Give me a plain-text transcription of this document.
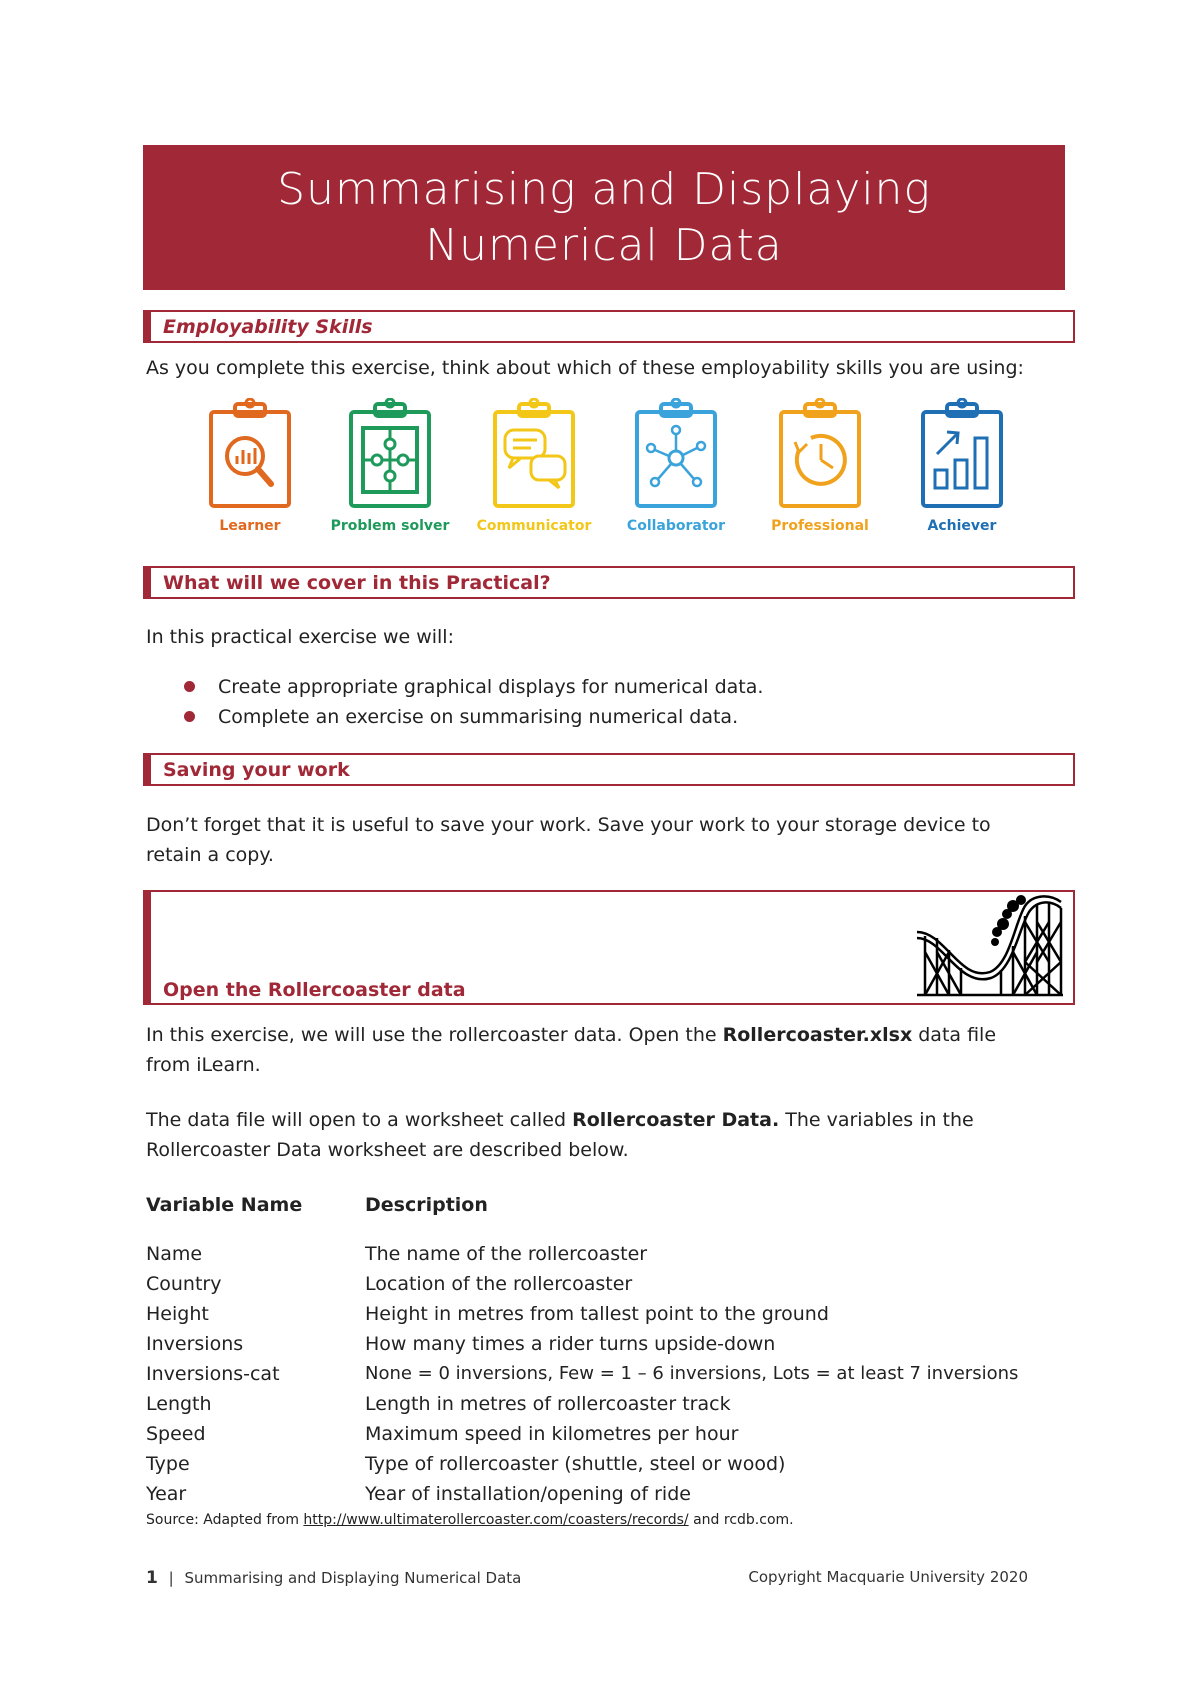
Summarising and Displaying
Numerical Data
Employability Skills
As you complete this exercise, think about which of these employability skills you are using:
Learner	Problem solver	Communicator	Collaborator	Professional	Achiever
What will we cover in this Practical?
In this practical exercise we will:
Create appropriate graphical displays for numerical data.
Complete an exercise on summarising numerical data.
Saving your work
Don’t forget that it is useful to save your work. Save your work to your storage device to retain a copy.
Open the Rollercoaster data
In this exercise, we will use the rollercoaster data. Open the Rollercoaster.xlsx data file from iLearn.
The data file will open to a worksheet called Rollercoaster Data. The variables in the Rollercoaster Data worksheet are described below.
Variable Name	Description
Name	The name of the rollercoaster
Country	Location of the rollercoaster
Height	Height in metres from tallest point to the ground
Inversions	How many times a rider turns upside-down
Inversions-cat	None = 0 inversions, Few = 1 – 6 inversions, Lots = at least 7 inversions
Length	Length in metres of rollercoaster track
Speed	Maximum speed in kilometres per hour
Type	Type of rollercoaster (shuttle, steel or wood)
Year	Year of installation/opening of ride
Source: Adapted from http://www.ultimaterollercoaster.com/coasters/records/ and rcdb.com.
1 | Summarising and Displaying Numerical Data	Copyright Macquarie University 2020
